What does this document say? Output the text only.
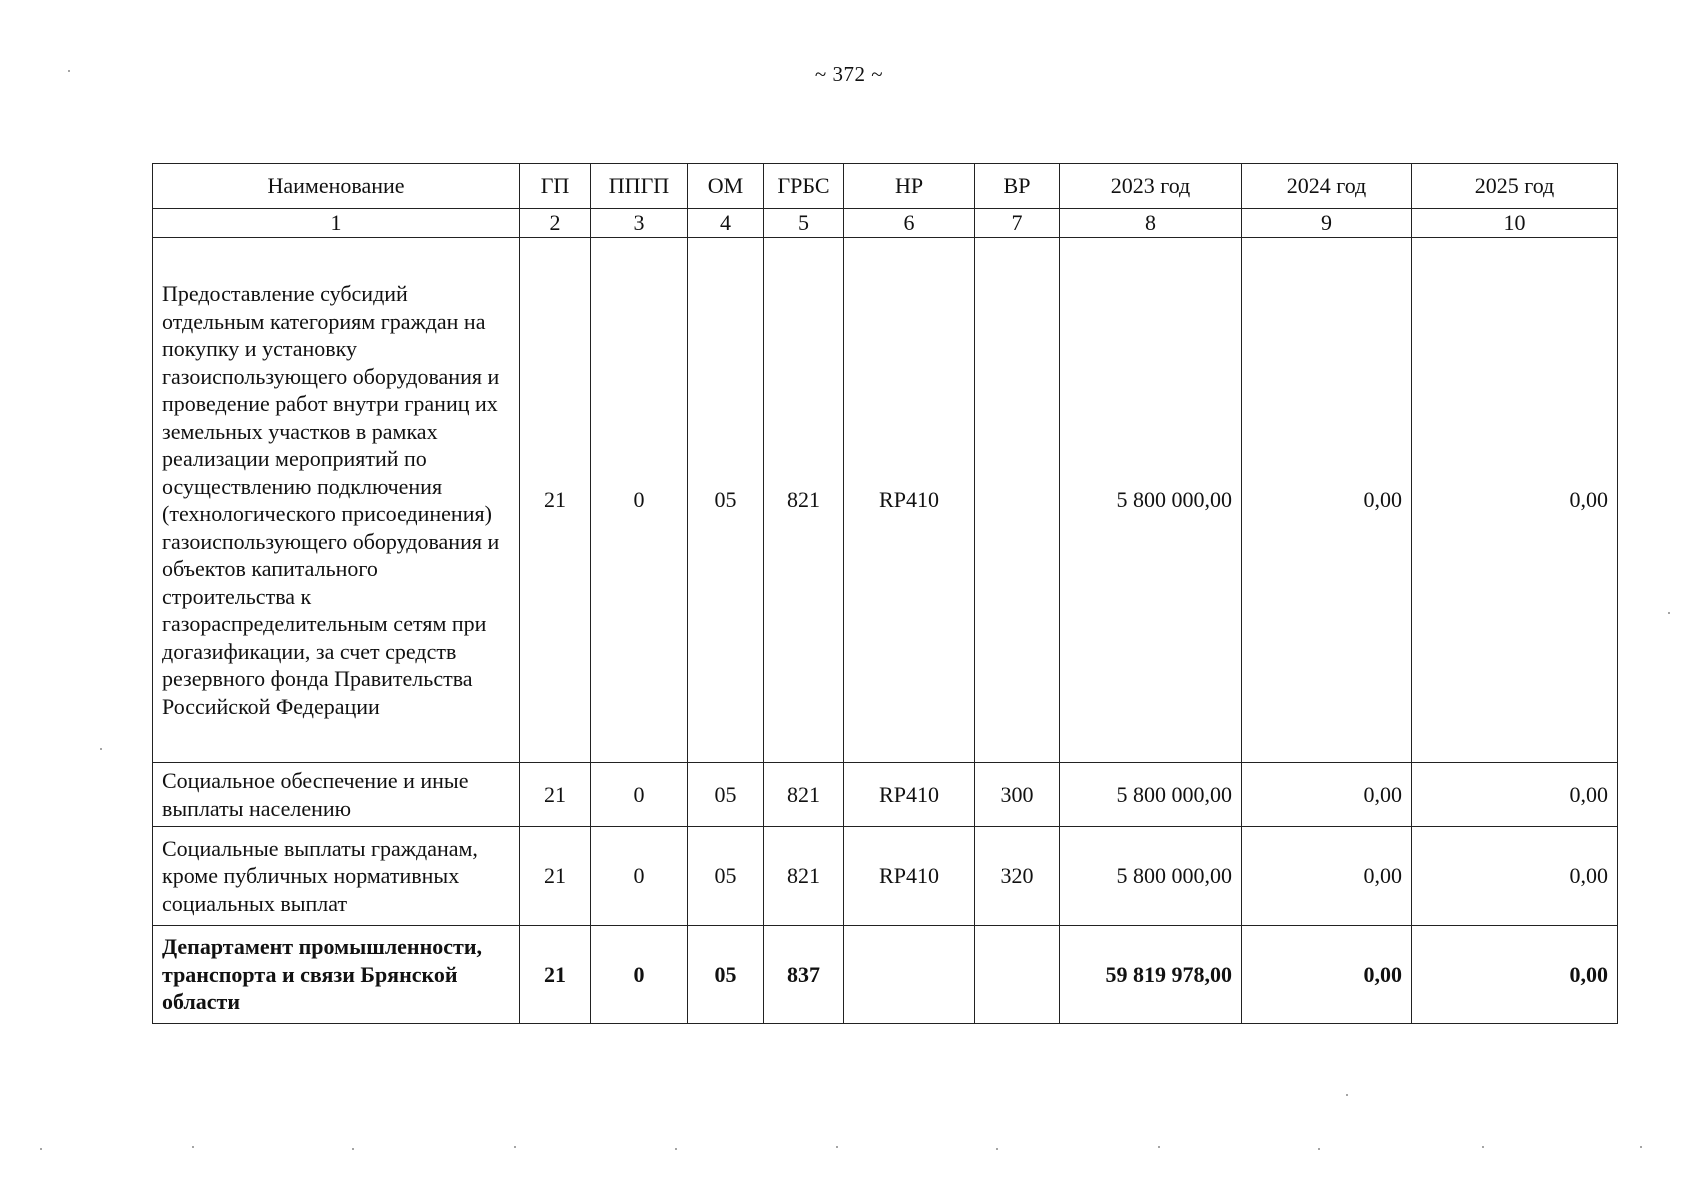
~ 372 ~
Наименование	ГП	ППГП	ОМ	ГРБС	НР	ВР	2023 год	2024 год	2025 год
1	2	3	4	5	6	7	8	9	10
Предоставление субсидий отдельным категориям граждан на покупку и установку газоиспользующего оборудования и проведение работ внутри границ их земельных участков в рамках реализации мероприятий по осуществлению подключения (технологического присоединения) газоиспользующего оборудования и объектов капитального строительства к газораспределительным сетям при догазификации, за счет средств резервного фонда Правительства Российской Федерации	21	0	05	821	RP410		5 800 000,00	0,00	0,00
Социальное обеспечение и иные выплаты населению	21	0	05	821	RP410	300	5 800 000,00	0,00	0,00
Социальные выплаты гражданам, кроме публичных нормативных социальных выплат	21	0	05	821	RP410	320	5 800 000,00	0,00	0,00
Департамент промышленности, транспорта и связи Брянской области	21	0	05	837			59 819 978,00	0,00	0,00
